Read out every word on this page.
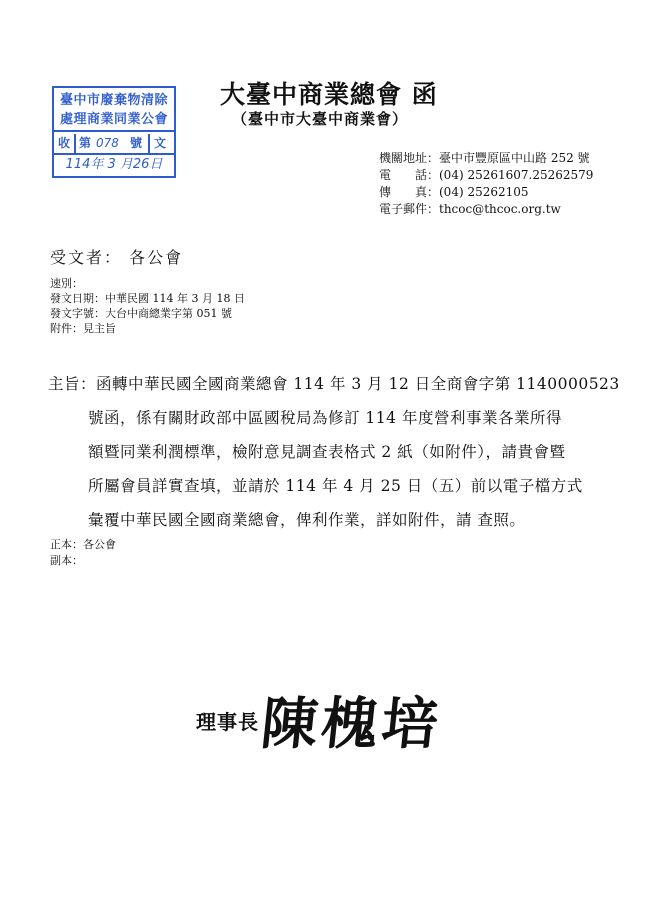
臺中市廢棄物清除
處理商業同業公會
收 第 078 號 文
114年 3 月26日
大臺中商業總會 函
（臺中市大臺中商業會）
機關地址：臺中市豐原區中山路 252 號
電　　話：(04) 25261607.25262579
傳　　真：(04) 25262105
電子郵件：thcoc@thcoc.org.tw
受文者： 各公會
速別：
發文日期：中華民國 114 年 3 月 18 日
發文字號：大台中商總業字第 051 號
附件：見主旨
主旨：函轉中華民國全國商業總會 114 年 3 月 12 日全商會字第 1140000523
號函，係有關財政部中區國稅局為修訂 114 年度營利事業各業所得
額暨同業利潤標準，檢附意見調查表格式 2 紙（如附件），請貴會暨
所屬會員詳實查填，並請於 114 年 4 月 25 日（五）前以電子檔方式
彙覆中華民國全國商業總會，俾利作業，詳如附件，請 查照。
正本：各公會
副本：
理事長 陳槐培
